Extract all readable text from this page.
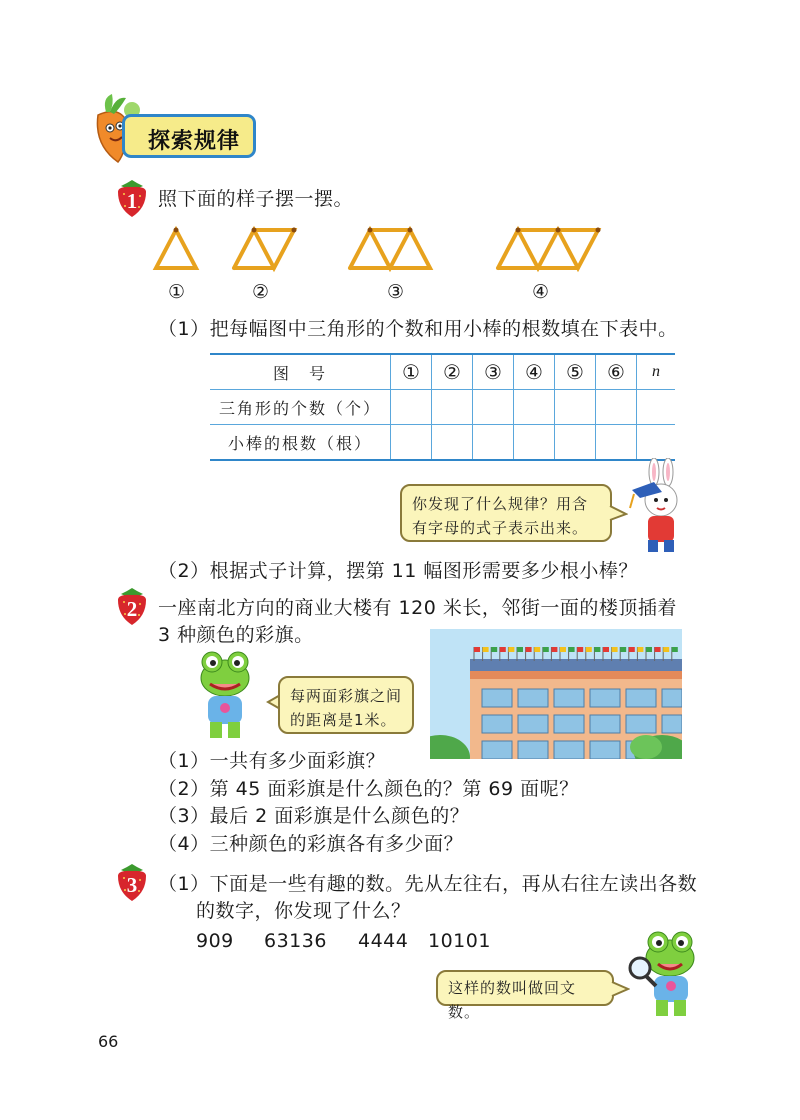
探索规律
1	照下面的样子摆一摆。
①	②	③	④
（1）把每幅图中三角形的个数和用小棒的根数填在下表中。
图　号	①	②	③	④	⑤	⑥	n
三角形的个数（个）							
小棒的根数（根）							
你发现了什么规律？用含
有字母的式子表示出来。
（2）根据式子计算，摆第 11 幅图形需要多少根小棒？
2	一座南北方向的商业大楼有 120 米长，邻街一面的楼顶插着
3 种颜色的彩旗。
每两面彩旗之间
的距离是1米。
（1）一共有多少面彩旗？
（2）第 45 面彩旗是什么颜色的？第 69 面呢？
（3）最后 2 面彩旗是什么颜色的？
（4）三种颜色的彩旗各有多少面？
3	（1）下面是一些有趣的数。先从左往右，再从右往左读出各数
的数字，你发现了什么？
909 63136 4444 10101
这样的数叫做回文数。
66
